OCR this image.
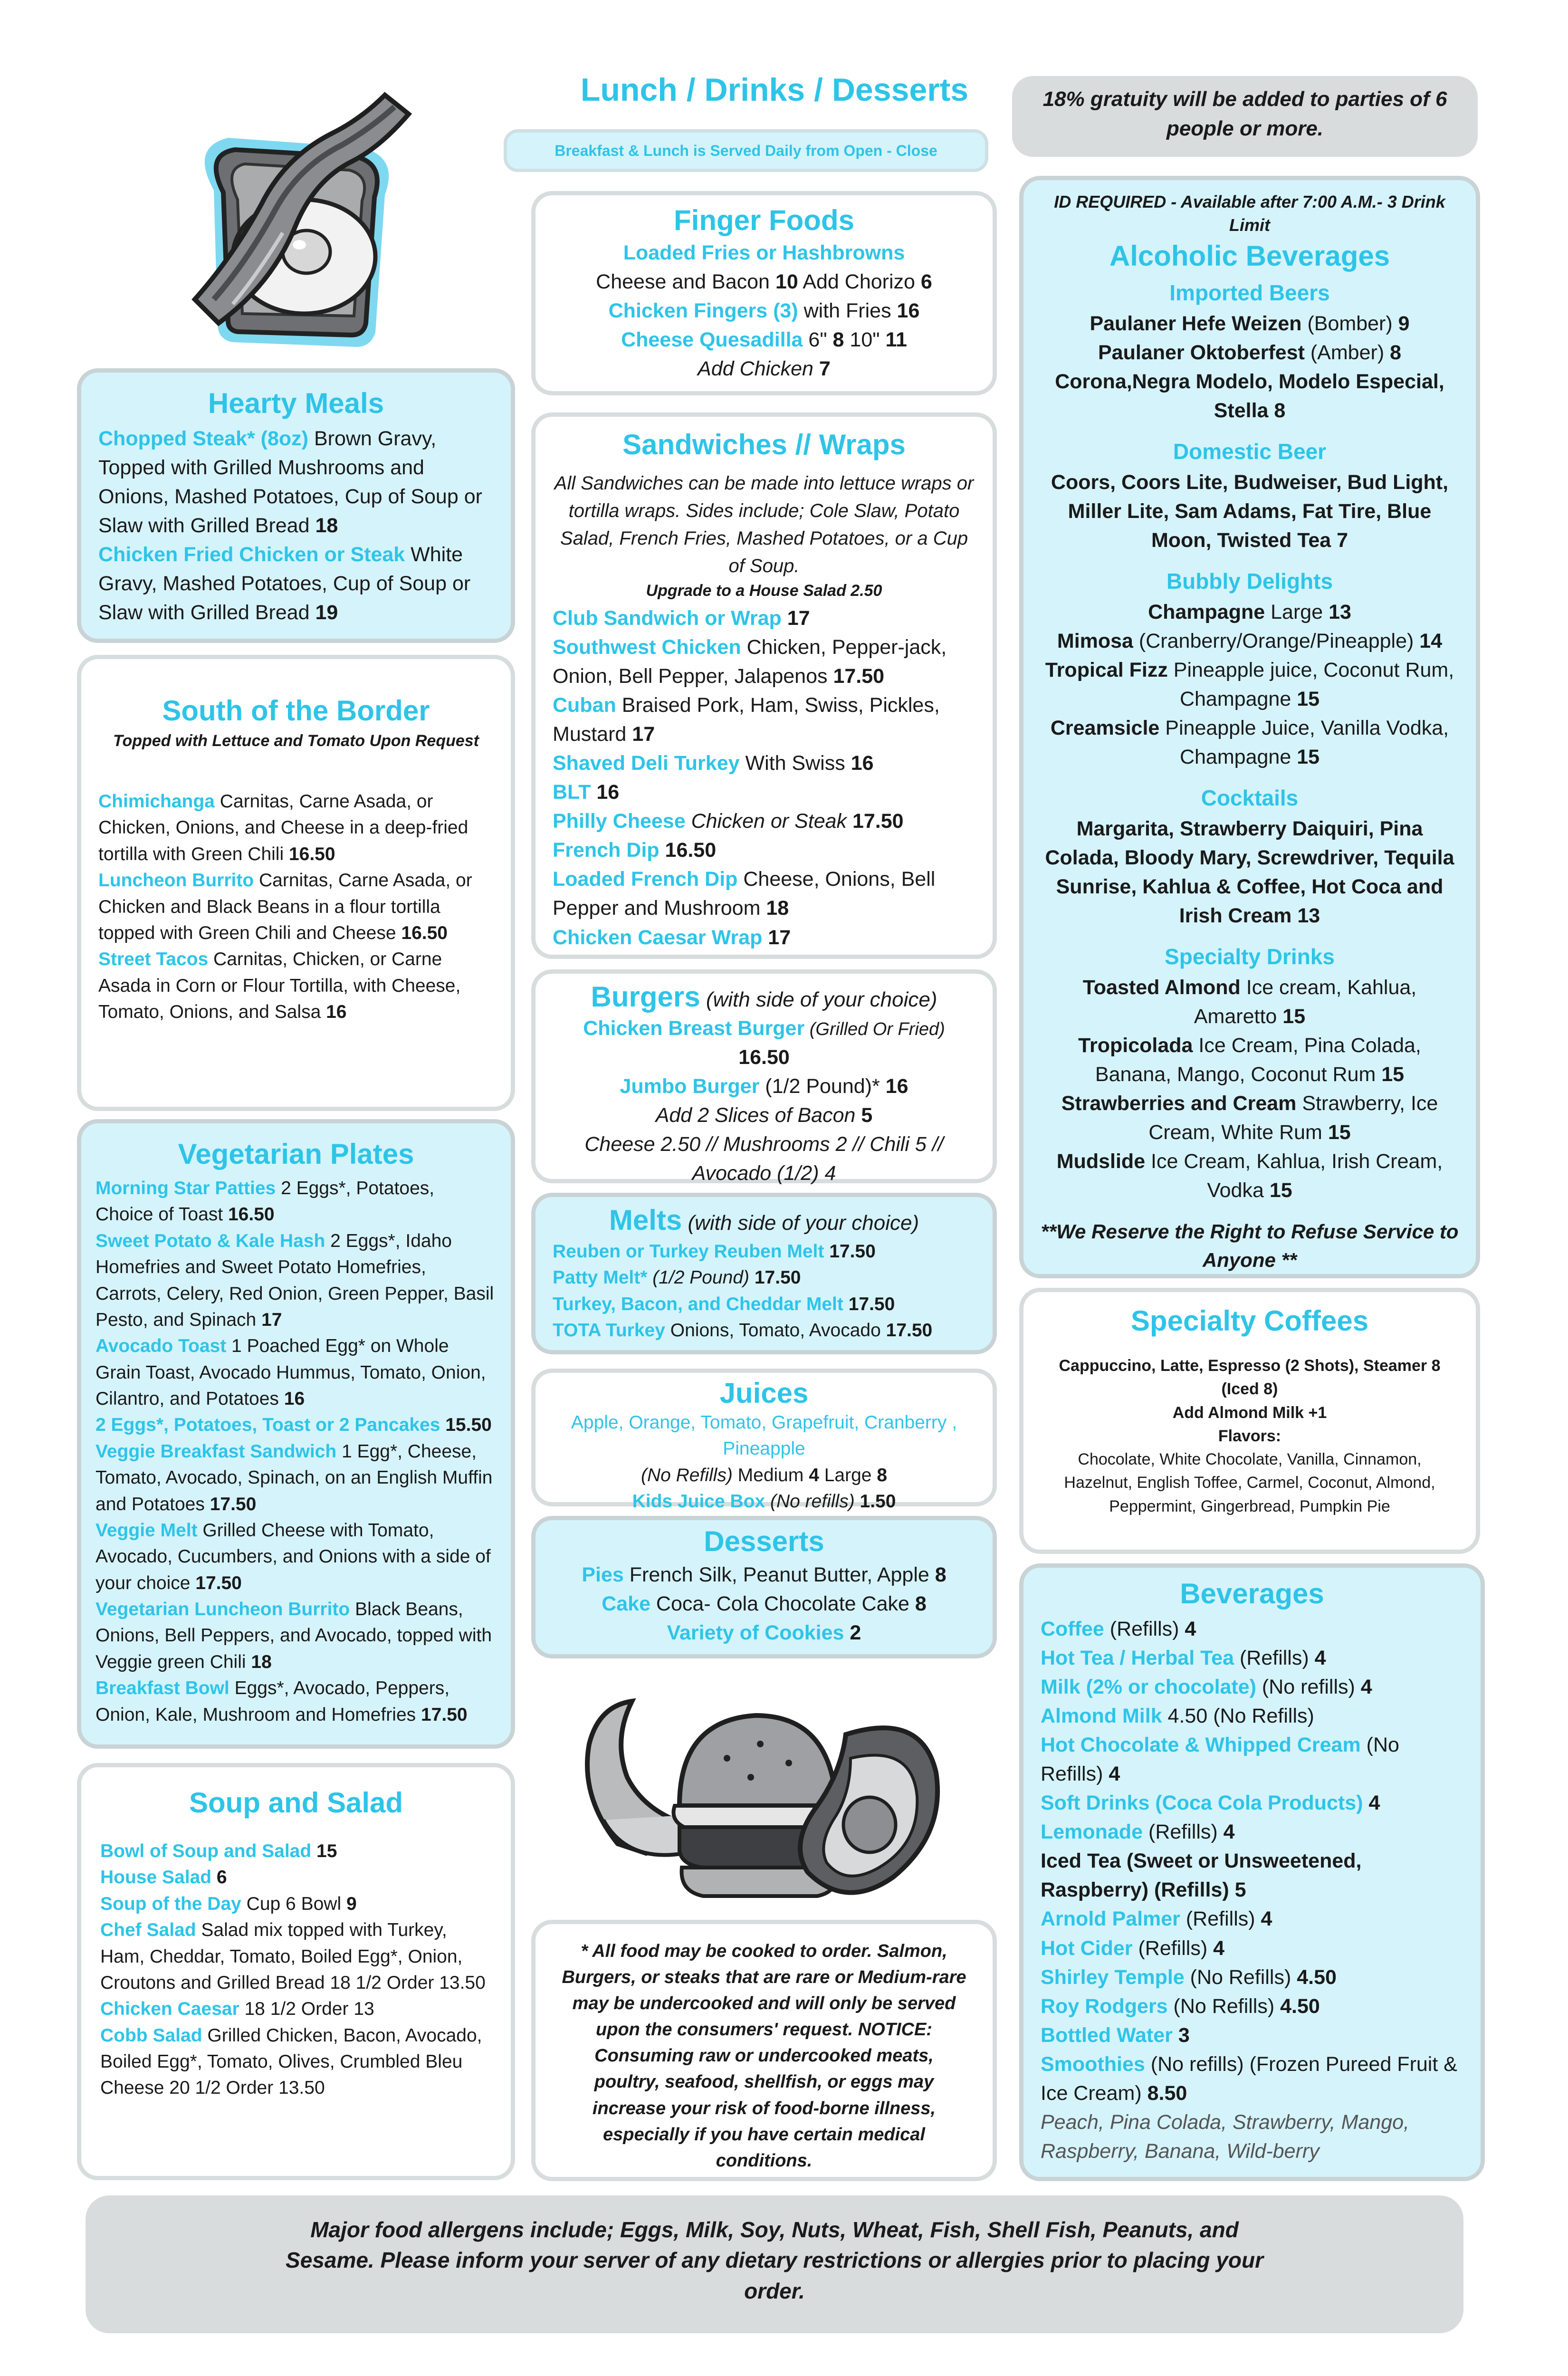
Lunch / Drinks / Desserts
Breakfast & Lunch is Served Daily from Open - Close
18% gratuity will be added to parties of 6 people or more.
Hearty Meals

Chopped Steak* (8oz) Brown Gravy, Topped with Grilled Mushrooms and Onions, Mashed Potatoes, Cup of Soup or Slaw with Grilled Bread 18

Chicken Fried Chicken or Steak White Gravy, Mashed Potatoes, Cup of Soup or Slaw with Grilled Bread 19

South of the Border

Topped with Lettuce and Tomato Upon Request

Chimichanga Carnitas, Carne Asada, or Chicken, Onions, and Cheese in a deep-fried tortilla with Green Chili 16.50

Luncheon Burrito Carnitas, Carne Asada, or Chicken and Black Beans in a flour tortilla topped with Green Chili and Cheese 16.50

Street Tacos Carnitas, Chicken, or Carne Asada in Corn or Flour Tortilla, with Cheese, Tomato, Onions, and Salsa 16

Vegetarian Plates

Morning Star Patties 2 Eggs*, Potatoes, Choice of Toast 16.50

Sweet Potato & Kale Hash 2 Eggs*, Idaho Homefries and Sweet Potato Homefries, Carrots, Celery, Red Onion, Green Pepper, Basil Pesto, and Spinach 17

Avocado Toast 1 Poached Egg* on Whole Grain Toast, Avocado Hummus, Tomato, Onion, Cilantro, and Potatoes 16

2 Eggs*, Potatoes, Toast or 2 Pancakes 15.50

Veggie Breakfast Sandwich 1 Egg*, Cheese, Tomato, Avocado, Spinach, on an English Muffin and Potatoes 17.50

Veggie Melt Grilled Cheese with Tomato, Avocado, Cucumbers, and Onions with a side of your choice 17.50

Vegetarian Luncheon Burrito Black Beans, Onions, Bell Peppers, and Avocado, topped with Veggie green Chili 18

Breakfast Bowl Eggs*, Avocado, Peppers, Onion, Kale, Mushroom and Homefries 17.50

Soup and Salad

Bowl of Soup and Salad 15

House Salad 6

Soup of the Day Cup 6 Bowl 9

Chef Salad Salad mix topped with Turkey, Ham, Cheddar, Tomato, Boiled Egg*, Onion, Croutons and Grilled Bread 18 1/2 Order 13.50

Chicken Caesar 18 1/2 Order 13

Cobb Salad Grilled Chicken, Bacon, Avocado, Boiled Egg*, Tomato, Olives, Crumbled Bleu Cheese 20 1/2 Order 13.50

Finger Foods

Loaded Fries or Hashbrowns

Cheese and Bacon 10 Add Chorizo 6

Chicken Fingers (3) with Fries 16

Cheese Quesadilla 6" 8 10" 11

Add Chicken 7

Sandwiches // Wraps

All Sandwiches can be made into lettuce wraps or tortilla wraps. Sides include; Cole Slaw, Potato Salad, French Fries, Mashed Potatoes, or a Cup of Soup.

Upgrade to a House Salad 2.50

Club Sandwich or Wrap 17

Southwest Chicken Chicken, Pepper-jack, Onion, Bell Pepper, Jalapenos 17.50

Cuban Braised Pork, Ham, Swiss, Pickles, Mustard 17

Shaved Deli Turkey With Swiss 16

BLT 16

Philly Cheese Chicken or Steak 17.50

French Dip 16.50

Loaded French Dip Cheese, Onions, Bell Pepper and Mushroom 18

Chicken Caesar Wrap 17

Burgers (with side of your choice)

Chicken Breast Burger (Grilled Or Fried)

16.50

Jumbo Burger (1/2 Pound)* 16

Add 2 Slices of Bacon 5

Cheese 2.50 // Mushrooms 2 // Chili 5 // Avocado (1/2) 4

Melts (with side of your choice)

Reuben or Turkey Reuben Melt 17.50

Patty Melt* (1/2 Pound) 17.50

Turkey, Bacon, and Cheddar Melt 17.50

TOTA Turkey Onions, Tomato, Avocado 17.50

Juices

Apple, Orange, Tomato, Grapefruit, Cranberry , Pineapple

(No Refills) Medium 4 Large 8

Kids Juice Box (No refills) 1.50

Desserts

Pies French Silk, Peanut Butter, Apple 8

Cake Coca- Cola Chocolate Cake 8

Variety of Cookies 2

* All food may be cooked to order. Salmon, Burgers, or steaks that are rare or Medium-rare may be undercooked and will only be served upon the consumers' request. NOTICE: Consuming raw or undercooked meats, poultry, seafood, shellfish, or eggs may increase your risk of food-borne illness, especially if you have certain medical conditions.

ID REQUIRED - Available after 7:00 A.M.- 3 Drink Limit

Alcoholic Beverages
Imported Beers

Paulaner Hefe Weizen (Bomber) 9

Paulaner Oktoberfest (Amber) 8

Corona,Negra Modelo, Modelo Especial, Stella 8

Domestic Beer

Coors, Coors Lite, Budweiser, Bud Light, Miller Lite, Sam Adams, Fat Tire, Blue Moon, Twisted Tea 7

Bubbly Delights

Champagne Large 13

Mimosa (Cranberry/Orange/Pineapple) 14

Tropical Fizz Pineapple juice, Coconut Rum, Champagne 15

Creamsicle Pineapple Juice, Vanilla Vodka, Champagne 15

Cocktails

Margarita, Strawberry Daiquiri, Pina Colada, Bloody Mary, Screwdriver, Tequila Sunrise, Kahlua & Coffee, Hot Coca and Irish Cream 13

Specialty Drinks

Toasted Almond Ice cream, Kahlua, Amaretto 15

Tropicolada Ice Cream, Pina Colada, Banana, Mango, Coconut Rum 15

Strawberries and Cream Strawberry, Ice Cream, White Rum 15

Mudslide Ice Cream, Kahlua, Irish Cream, Vodka 15

**We Reserve the Right to Refuse Service to Anyone **

Specialty Coffees

Cappuccino, Latte, Espresso (2 Shots), Steamer 8 (Iced 8)

Add Almond Milk +1

Flavors:

Chocolate, White Chocolate, Vanilla, Cinnamon, Hazelnut, English Toffee, Carmel, Coconut, Almond, Peppermint, Gingerbread, Pumpkin Pie

Beverages

Coffee (Refills) 4

Hot Tea / Herbal Tea (Refills) 4

Milk (2% or chocolate) (No refills) 4

Almond Milk 4.50 (No Refills)

Hot Chocolate & Whipped Cream (No Refills) 4

Soft Drinks (Coca Cola Products) 4

Lemonade (Refills) 4

Iced Tea (Sweet or Unsweetened, Raspberry) (Refills) 5

Arnold Palmer (Refills) 4

Hot Cider (Refills) 4

Shirley Temple (No Refills) 4.50

Roy Rodgers (No Refills) 4.50

Bottled Water 3

Smoothies (No refills) (Frozen Pureed Fruit & Ice Cream) 8.50

Peach, Pina Colada, Strawberry, Mango, Raspberry, Banana, Wild-berry

Major food allergens include; Eggs, Milk, Soy, Nuts, Wheat, Fish, Shell Fish, Peanuts, and Sesame. Please inform your server of any dietary restrictions or allergies prior to placing your order.
